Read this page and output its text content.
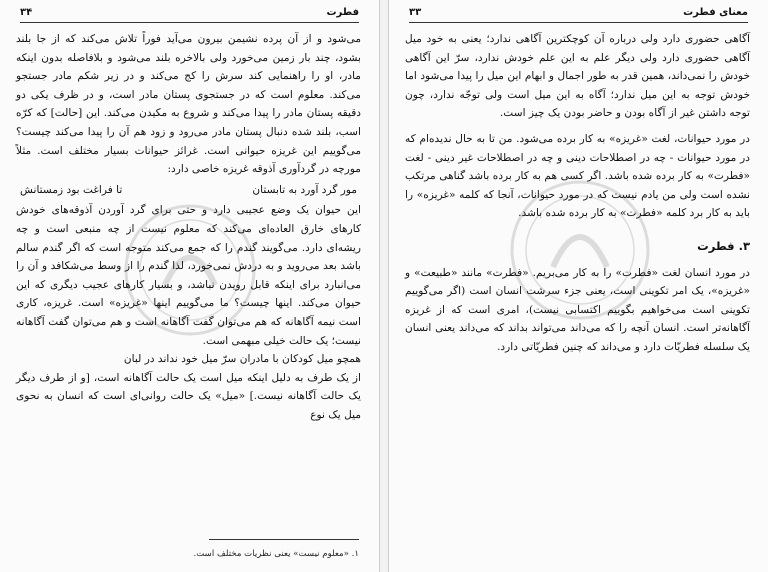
فطرت
۳۴

می‌شود و از آن پرده نشیمن بیرون می‌آید فوراً تلاش می‌کند که از جا بلند بشود، چند بار زمین می‌خورد ولی بالاخره بلند می‌شود و بلافاصله بدون اینکه مادر، او را راهنمایی کند سرش را کج می‌کند و در زیر شکم مادر جستجو می‌کند. معلوم است که در جستجوی پستان مادر است، و در ظرف یکی دو دقیقه پستان مادر را پیدا می‌کند و شروع به مکیدن می‌کند. این [حالت] که کرّه اسب، بلند شده دنبال پستان مادر می‌رود و زود هم آن را پیدا می‌کند چیست؟ می‌گوییم این غریزه حیوانی است. غرائز حیوانات بسیار مختلف است. مثلاً مورچه در گردآوری آذوقه غریزه خاصی دارد:

مور گرد آورد به تابستان
تا فراغت بود زمستانش

این حیوان یک وضع عجیبی دارد و حتی برای گرد آوردن آذوقه‌های خودش کارهای خارق العاده‌ای می‌کند که معلوم نیست از چه منبعی است و چه ریشه‌ای دارد. می‌گویند گندم را که جمع می‌کند متوجه است که اگر گندم سالم باشد بعد می‌روید و به دردش نمی‌خورد، لذا گندم را از وسط می‌شکافد و آن را می‌انبارد برای اینکه قابل رویدن نباشد، و بسیار کارهای عجیب دیگری که این حیوان می‌کند. اینها چیست؟ ما می‌گوییم اینها «غریزه» است. غریزه، کاری است نیمه آگاهانه که هم می‌توان گفت آگاهانه است و هم می‌توان گفت آگاهانه نیست؛ یک حالت خیلی مبهمی است.

همچو میل کودکان با مادران سرّ میل خود نداند در لبان

از یک طرف به دلیل اینکه میل است یک حالت آگاهانه است، [و از طرف دیگر یک حالت آگاهانه نیست.] «میل» یک حالت روانی‌ای است که انسان به نحوی میل یک نوع

۱. «معلوم نیست» یعنی نظریات مختلف است.
معنای فطرت
۳۳

آگاهی حضوری دارد ولی درباره آن کوچکترین آگاهی ندارد؛ یعنی به خود میل آگاهی حضوری دارد ولی دیگر علم به این علم خودش ندارد، سرّ این آگاهی خودش را نمی‌داند، همین قدر به طور اجمال و ابهام این میل را پیدا می‌شود اما خودش توجه به این میل ندارد؛ آگاه به این میل است ولی توجّه ندارد، چون توجه داشتن غیر از آگاه بودن و حاضر بودن یک چیز است.

در مورد حیوانات، لغت «غریزه» به کار برده می‌شود. من تا به حال ندیده‌ام که در مورد حیوانات - چه در اصطلاحات دینی و چه در اصطلاحات غیر دینی - لغت «فطرت» به کار برده شده باشد. اگر کسی هم به کار برده باشد گناهی مرتکب نشده است ولی من یادم نیست که در مورد حیوانات، آنجا که کلمه «غریزه» را باید به کار برد کلمه «فطرت» به کار برده شده باشد.

۳. فطرت

در مورد انسان لغت «فطرت» را به کار می‌بریم. «فطرت» مانند «طبیعت» و «غریزه»، یک امر تکوینی است، یعنی جزء سرشت انسان است (اگر می‌گوییم تکوینی است می‌خواهیم بگوییم اکتسابی نیست)، امری است که از غریزه آگاهانه‌تر است. انسان آنچه را که می‌داند می‌تواند بداند که می‌داند یعنی انسان یک سلسله فطریّات دارد و می‌داند که چنین فطریّاتی دارد.
